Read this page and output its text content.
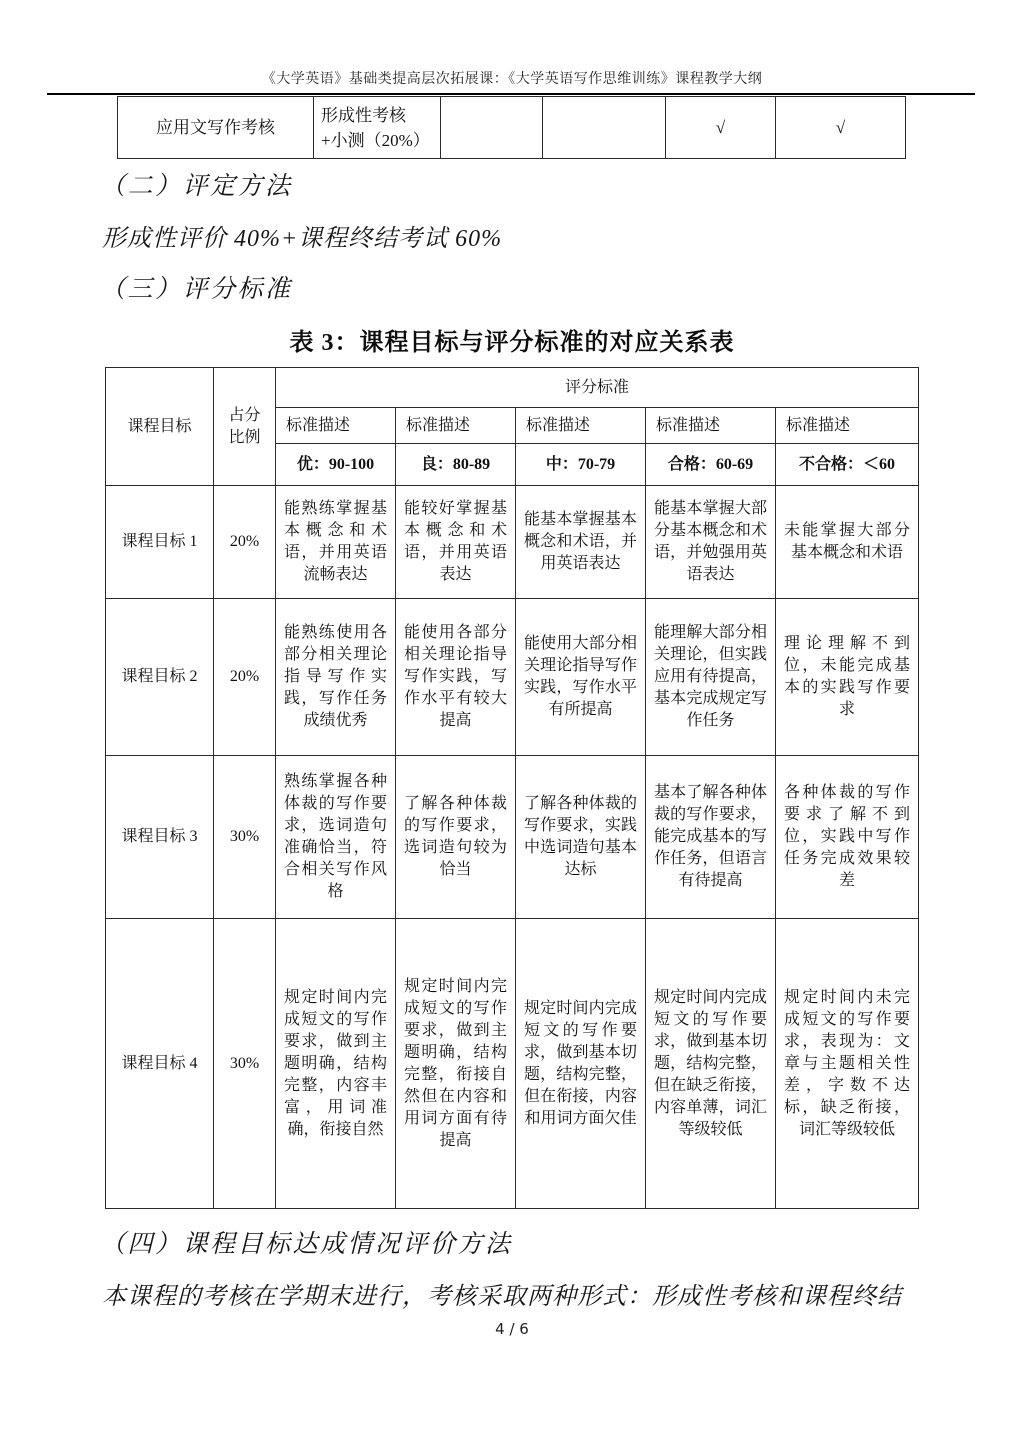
《大学英语》基础类提高层次拓展课：《大学英语写作思维训练》课程教学大纲
应用文写作考核	形成性考核+小测（20%）			√	√
（二）评定方法
形成性评价 40%+课程终结考试 60%
（三）评分标准
表 3：课程目标与评分标准的对应关系表
课程目标	占分比例	评分标准				
		标准描述	标准描述	标准描述	标准描述	标准描述
		优：90-100	良：80-89	中：70-79	合格：60-69	不合格：＜60
课程目标 1	20%	能熟练掌握基本概念和术语，并用英语流畅表达	能较好掌握基本概念和术语，并用英语表达	能基本掌握基本概念和术语，并用英语表达	能基本掌握大部分基本概念和术语，并勉强用英语表达	未能掌握大部分基本概念和术语
课程目标 2	20%	能熟练使用各部分相关理论指导写作实践，写作任务成绩优秀	能使用各部分相关理论指导写作实践，写作水平有较大提高	能使用大部分相关理论指导写作实践，写作水平有所提高	能理解大部分相关理论，但实践应用有待提高，基本完成规定写作任务	理论理解不到位，未能完成基本的实践写作要求
课程目标 3	30%	熟练掌握各种体裁的写作要求，选词造句准确恰当，符合相关写作风格	了解各种体裁的写作要求，选词造句较为恰当	了解各种体裁的写作要求，实践中选词造句基本达标	基本了解各种体裁的写作要求，能完成基本的写作任务，但语言有待提高	各种体裁的写作要求了解不到位，实践中写作任务完成效果较差
课程目标 4	30%	规定时间内完成短文的写作要求，做到主题明确，结构完整，内容丰富，用词准确，衔接自然	规定时间内完成短文的写作要求，做到主题明确，结构完整，衔接自然但在内容和用词方面有待提高	规定时间内完成短文的写作要求，做到基本切题，结构完整，但在衔接，内容和用词方面欠佳	规定时间内完成短文的写作要求，做到基本切题，结构完整，但在缺乏衔接，内容单薄，词汇等级较低	规定时间内未完成短文的写作要求，表现为：文章与主题相关性差，字数不达标，缺乏衔接，词汇等级较低
（四）课程目标达成情况评价方法
本课程的考核在学期末进行，考核采取两种形式：形成性考核和课程终结
4 / 6
